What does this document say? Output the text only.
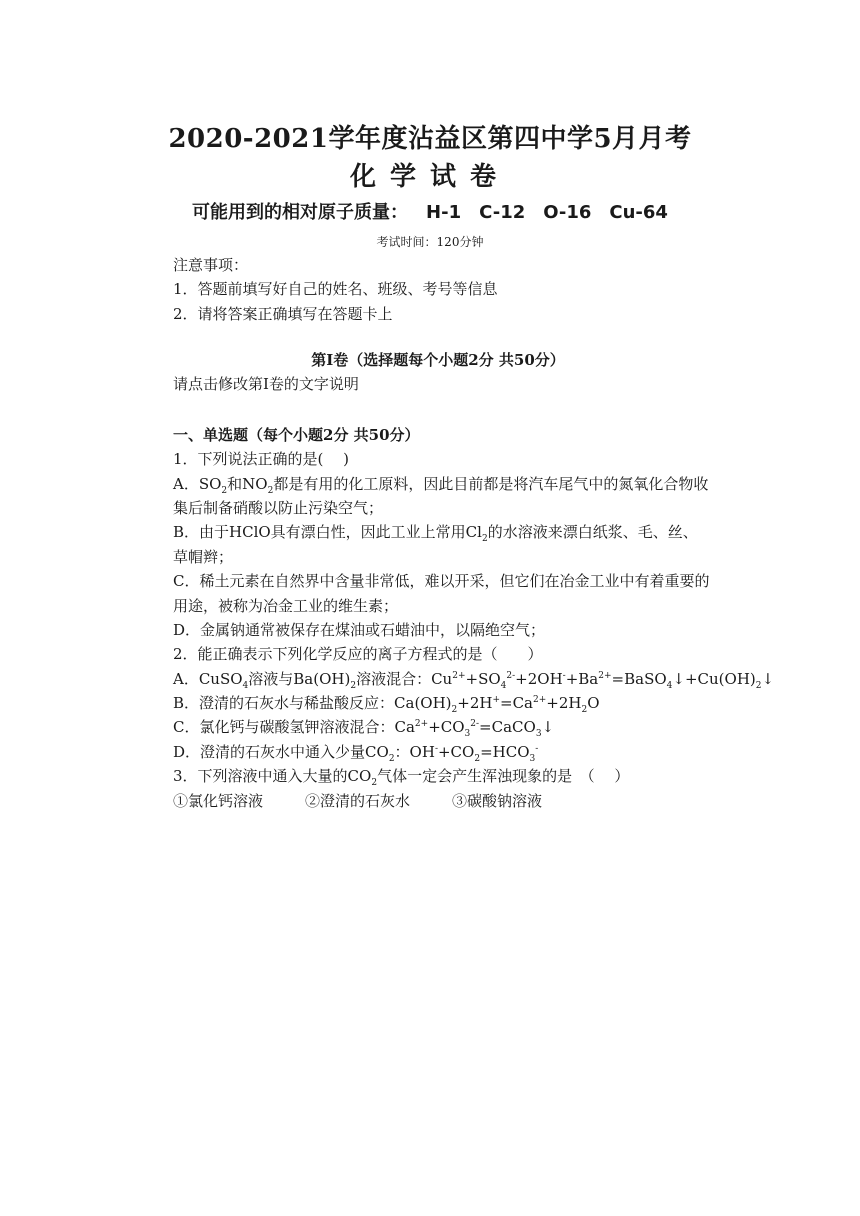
2020-2021学年度沾益区第四中学5月月考
化学试卷
可能用到的相对原子质量： H-1 C-12 O-16 Cu-64
考试时间：120分钟
注意事项：
1．答题前填写好自己的姓名、班级、考号等信息
2．请将答案正确填写在答题卡上
第I卷（选择题每个小题2分 共50分）
请点击修改第I卷的文字说明
一、单选题（每个小题2分 共50分）
1．下列说法正确的是(　 )
A．$SO_2$和$NO_2$都是有用的化工原料，因此目前都是将汽车尾气中的氮氧化合物收
集后制备硝酸以防止污染空气；
B．由于HClO具有漂白性，因此工业上常用$Cl_2$的水溶液来漂白纸浆、毛、丝、
草帽辫；
C．稀土元素在自然界中含量非常低，难以开采，但它们在冶金工业中有着重要的
用途，被称为冶金工业的维生素；
D．金属钠通常被保存在煤油或石蜡油中，以隔绝空气；
2．能正确表示下列化学反应的离子方程式的是（　　）
A．CuSO$_4$溶液与$Ba(OH)_2$溶液混合：$Cu^{2+}+SO_4^{2-}+2OH^-+Ba^{2+}=BaSO_4↓+Cu(OH)_2↓$
B．澄清的石灰水与稀盐酸反应：$Ca(OH)_2+2H^+=Ca^{2+}+2H_2O$
C．氯化钙与碳酸氢钾溶液混合：$Ca^{2+}+CO_3^{2-}=CaCO_3↓$
D．澄清的石灰水中通入少量$CO_2$：$OH^-+CO_2=HCO_3^-$
3．下列溶液中通入大量的$CO_2$气体一定会产生浑浊现象的是　（　 ）
①氯化钙溶液	②澄清的石灰水	③碳酸钠溶液
